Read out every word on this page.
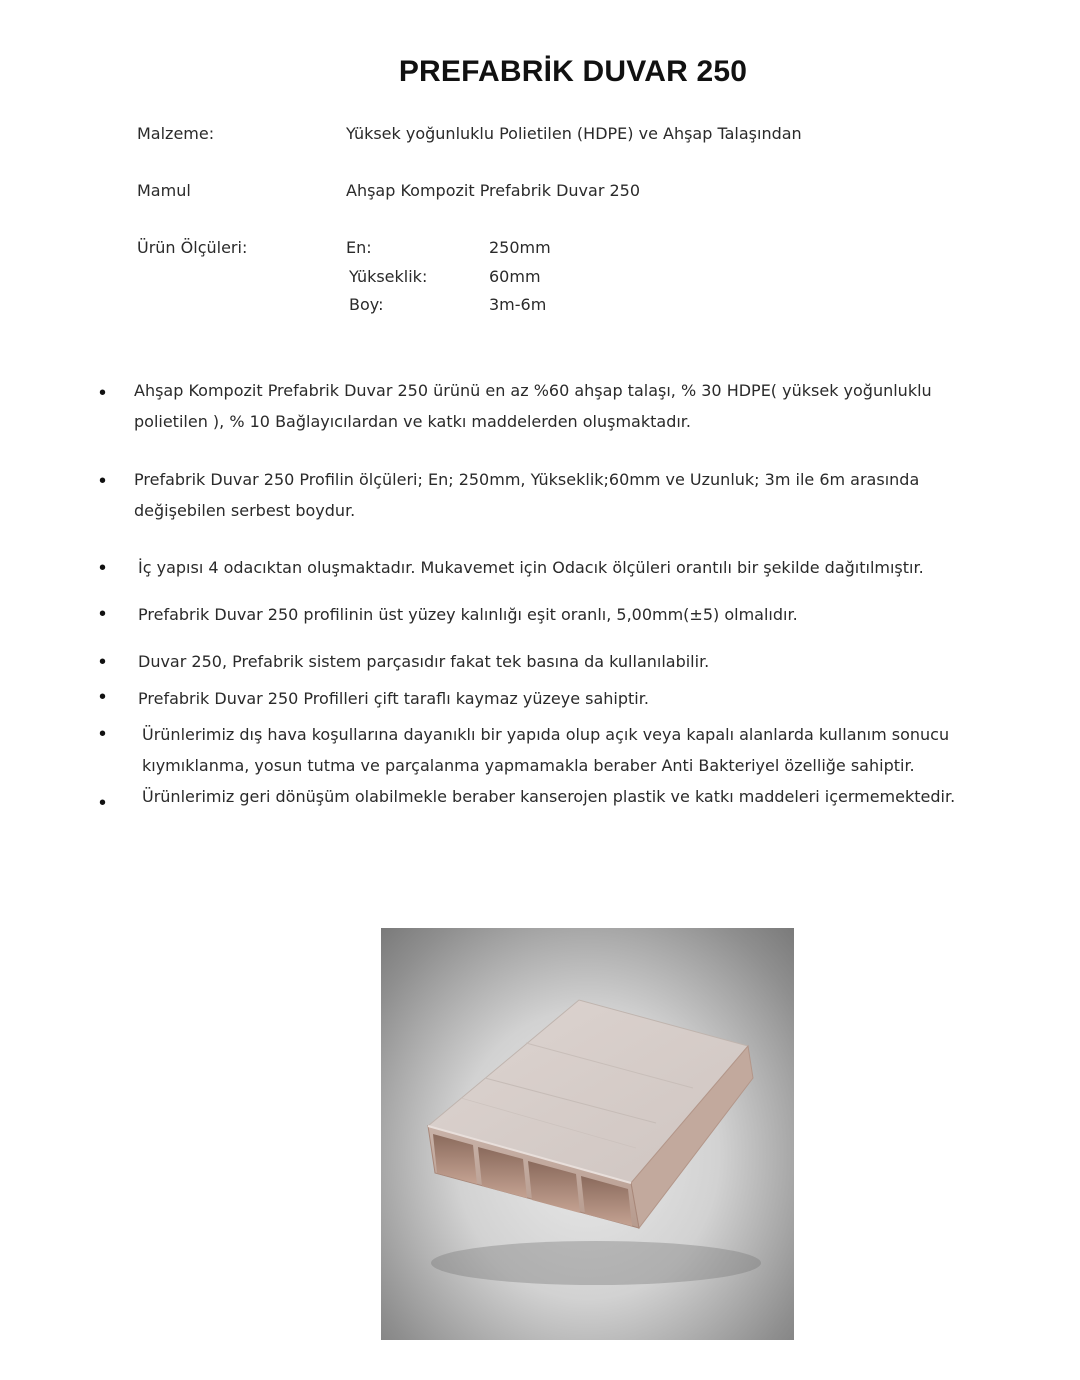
PREFABRİK DUVAR 250
Malzeme:	Yüksek yoğunluklu Polietilen (HDPE) ve Ahşap Talaşından
Mamul	Ahşap Kompozit Prefabrik Duvar 250
Ürün Ölçüleri:	En:	250mm
Yükseklik:	60mm
Boy:	3m-6m
• Ahşap Kompozit Prefabrik Duvar 250 ürünü en az %60 ahşap talaşı, % 30 HDPE( yüksek yoğunluklu
polietilen ), % 10 Bağlayıcılardan ve katkı maddelerden oluşmaktadır.
• Prefabrik Duvar 250 Profilin ölçüleri; En; 250mm, Yükseklik;60mm ve Uzunluk; 3m ile 6m arasında
değişebilen serbest boydur.
• İç yapısı 4 odacıktan oluşmaktadır. Mukavemet için Odacık ölçüleri orantılı bir şekilde dağıtılmıştır.
• Prefabrik Duvar 250 profilinin üst yüzey kalınlığı eşit oranlı, 5,00mm(±5) olmalıdır.
• Duvar 250, Prefabrik sistem parçasıdır fakat tek basına da kullanılabilir.
• Prefabrik Duvar 250 Profilleri çift taraflı kaymaz yüzeye sahiptir.
• Ürünlerimiz dış hava koşullarına dayanıklı bir yapıda olup açık veya kapalı alanlarda kullanım sonucu
kıymıklanma, yosun tutma ve parçalanma yapmamakla beraber Anti Bakteriyel özelliğe sahiptir.
• Ürünlerimiz geri dönüşüm olabilmekle beraber kanserojen plastik ve katkı maddeleri içermemektedir.
